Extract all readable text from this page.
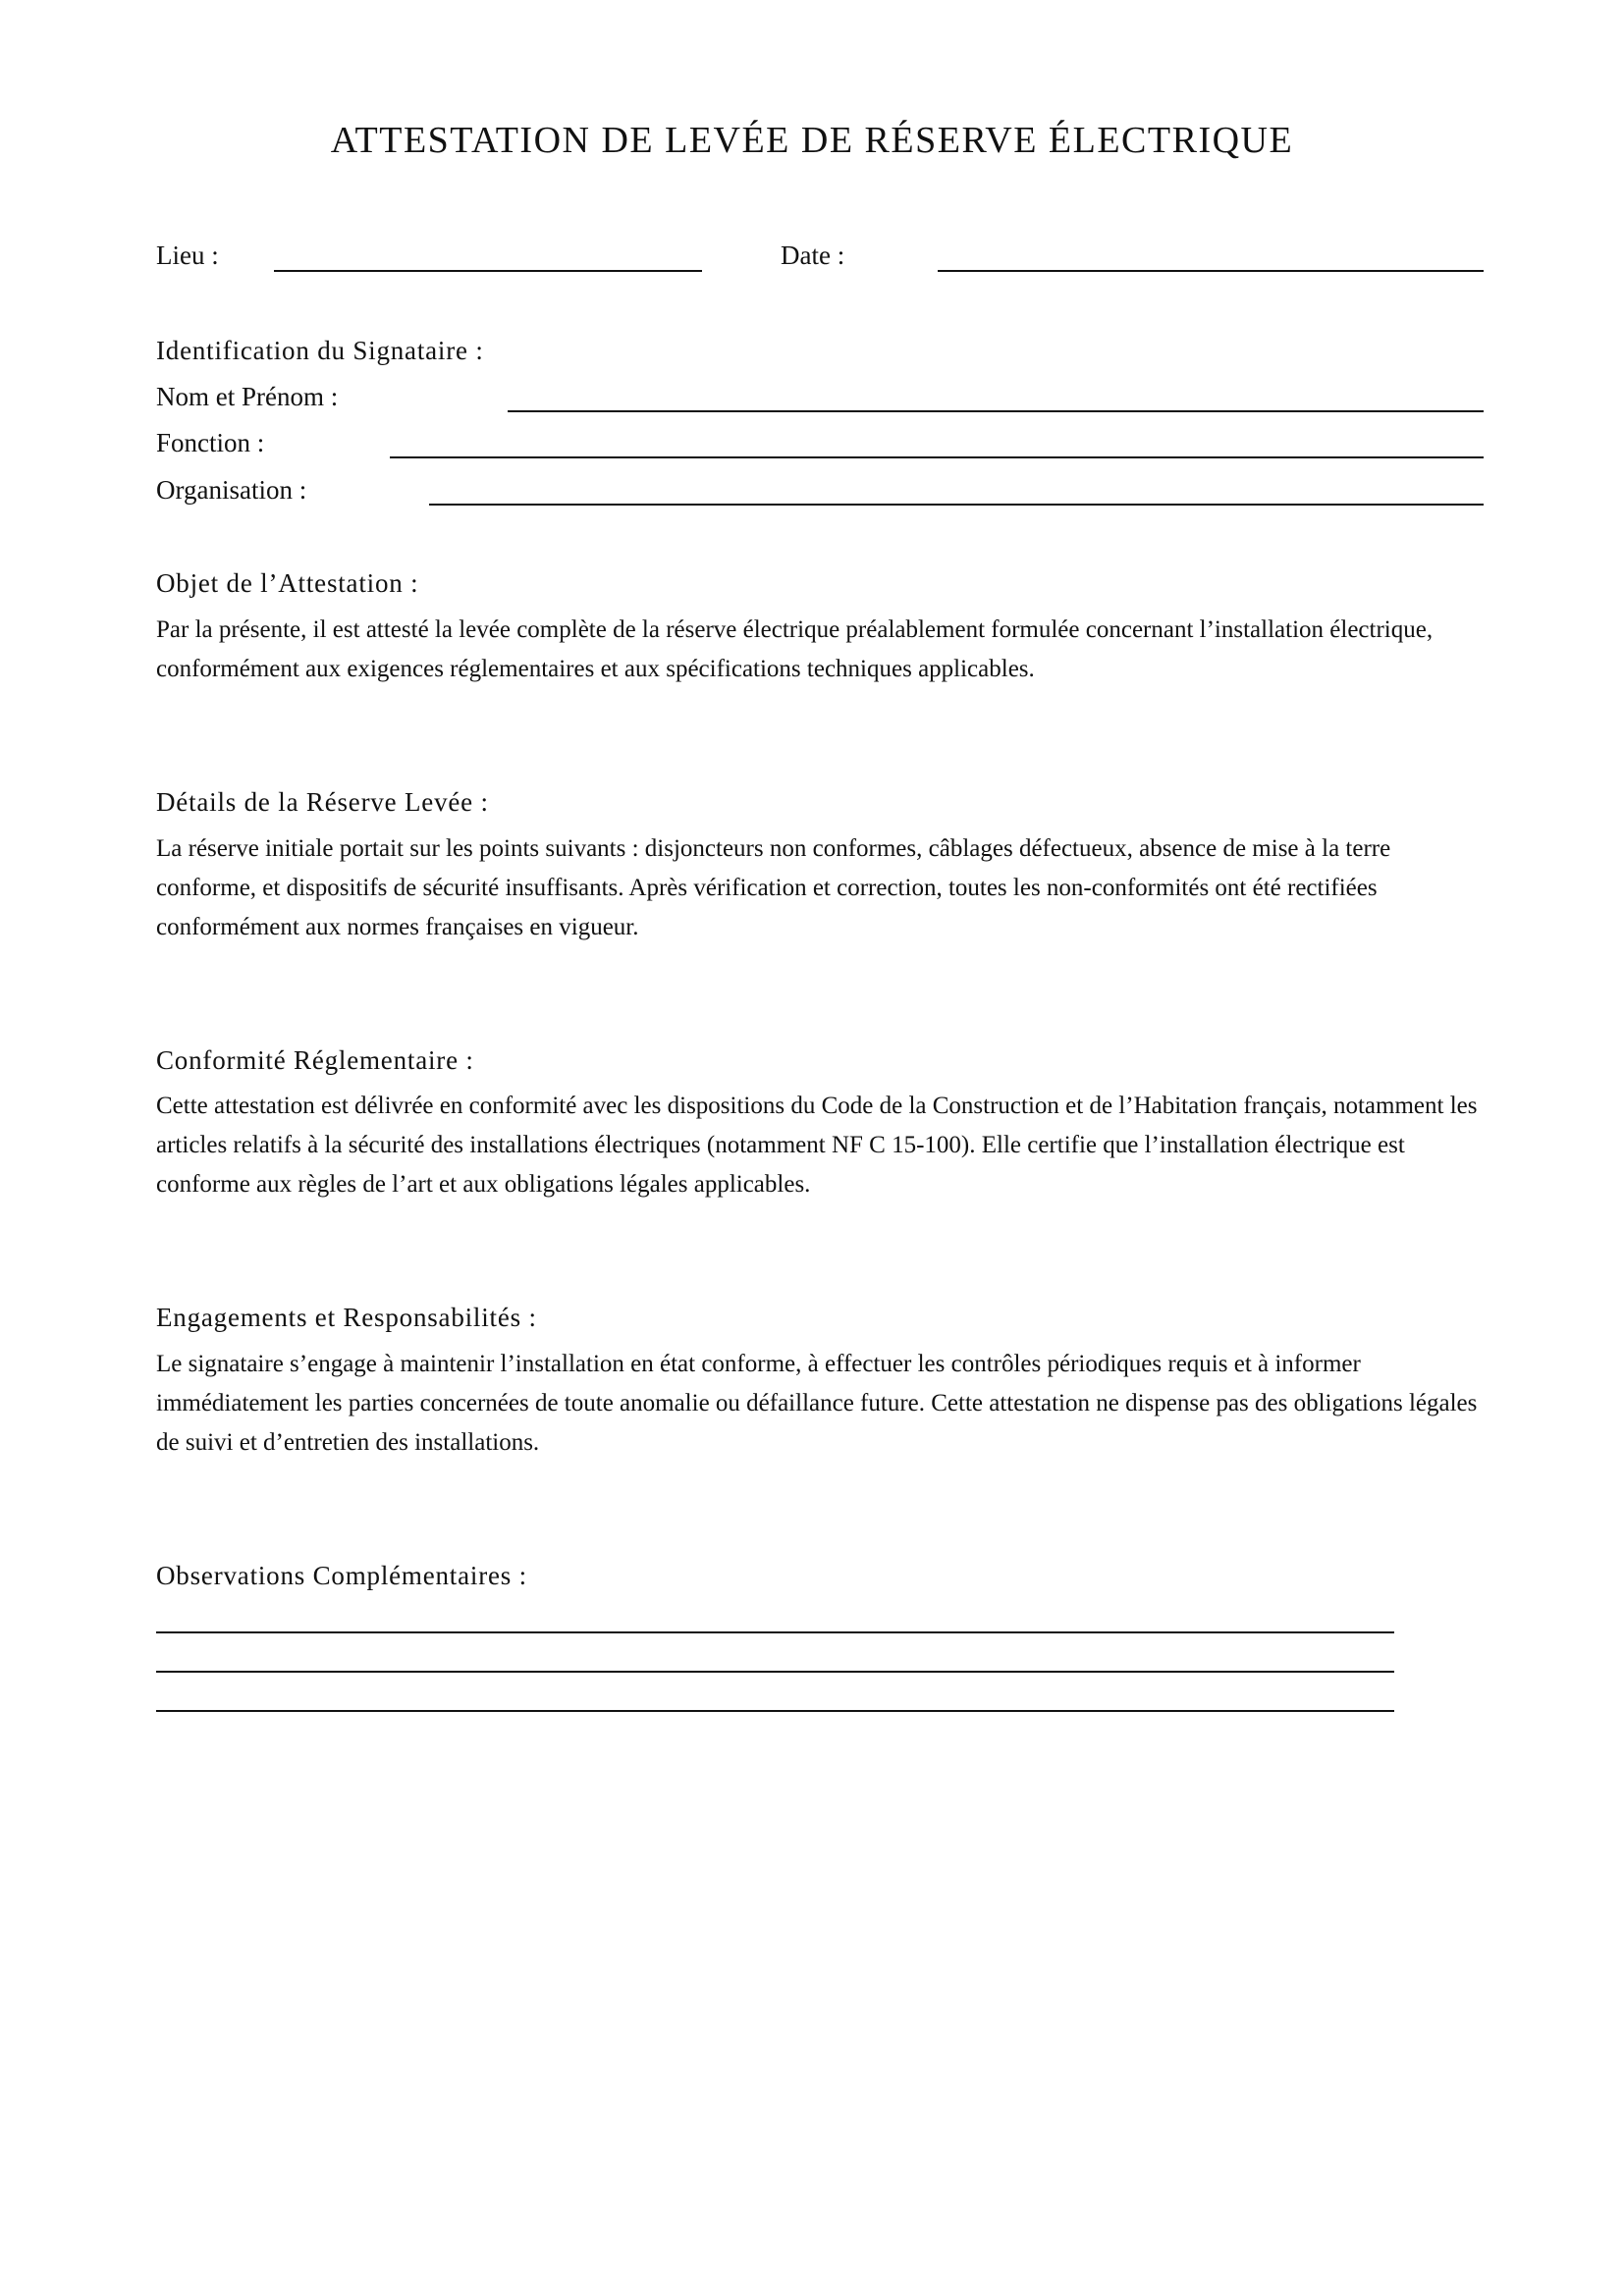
ATTESTATION DE LEVÉE DE RÉSERVE ÉLECTRIQUE
Lieu :	Date :
Identification du Signataire :
Nom et Prénom :
Fonction :
Organisation :
Objet de l’Attestation :
Par la présente, il est attesté la levée complète de la réserve électrique préalablement formulée concernant l’installation électrique, conformément aux exigences réglementaires et aux spécifications techniques applicables.
Détails de la Réserve Levée :
La réserve initiale portait sur les points suivants : disjoncteurs non conformes, câblages défectueux, absence de mise à la terre conforme, et dispositifs de sécurité insuffisants. Après vérification et correction, toutes les non-conformités ont été rectifiées conformément aux normes françaises en vigueur.
Conformité Réglementaire :
Cette attestation est délivrée en conformité avec les dispositions du Code de la Construction et de l’Habitation français, notamment les articles relatifs à la sécurité des installations électriques (notamment NF C 15-100). Elle certifie que l’installation électrique est conforme aux règles de l’art et aux obligations légales applicables.
Engagements et Responsabilités :
Le signataire s’engage à maintenir l’installation en état conforme, à effectuer les contrôles périodiques requis et à informer immédiatement les parties concernées de toute anomalie ou défaillance future. Cette attestation ne dispense pas des obligations légales de suivi et d’entretien des installations.
Observations Complémentaires :
